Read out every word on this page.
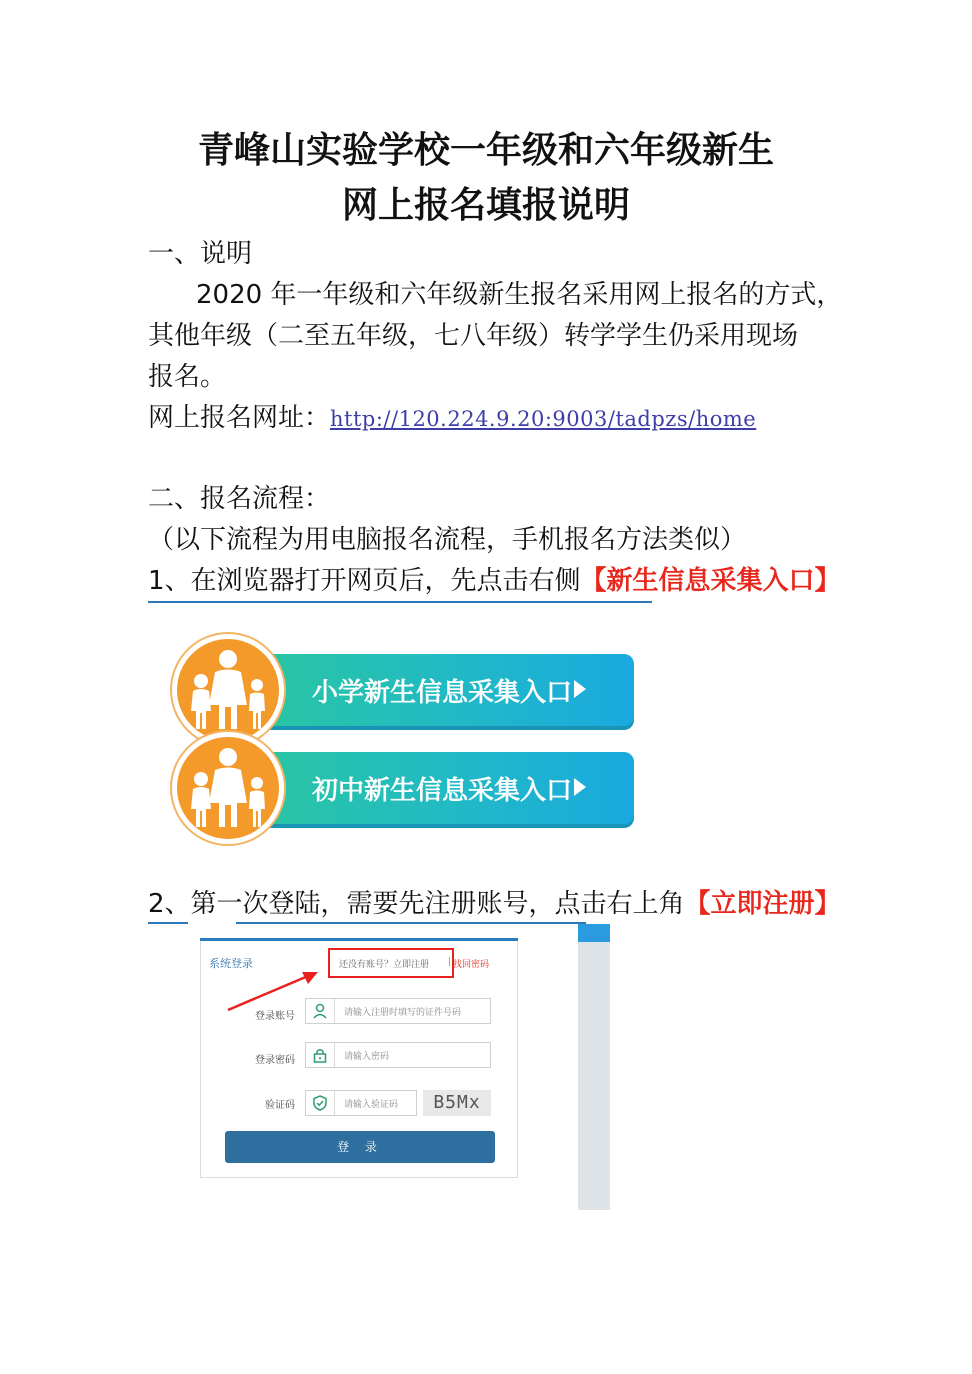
青峰山实验学校一年级和六年级新生
网上报名填报说明
一、说明
2020 年一年级和六年级新生报名采用网上报名的方式，
其他年级（二至五年级，七八年级）转学学生仍采用现场
报名。
网上报名网址：http://120.224.9.20:9003/tadpzs/home
二、报名流程：
（以下流程为用电脑报名流程，手机报名方法类似）
1、在浏览器打开网页后，先点击右侧【新生信息采集入口】
小学新生信息采集入口
初中新生信息采集入口
2、第一次登陆，需要先注册账号，点击右上角【立即注册】
系统登录	还没有账号？立即注册 | 找回密码
登录账号	请输入注册时填写的证件号码
登录密码	请输入密码
验证码	请输入验证码	B5Mx
登 录
